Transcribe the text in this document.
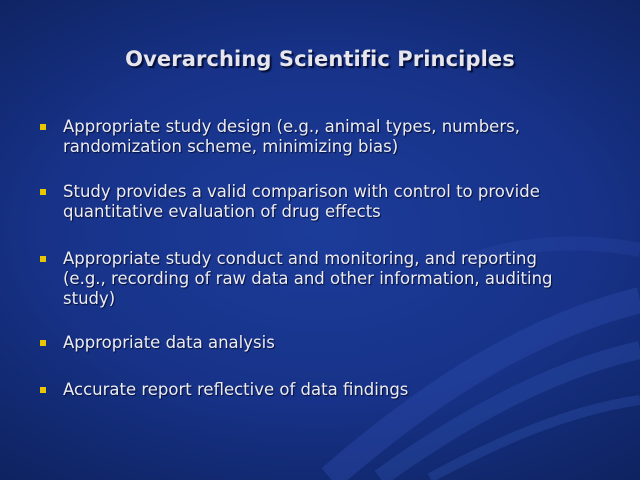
Overarching Scientific Principles
Appropriate study design (e.g., animal types, numbers,
randomization scheme, minimizing bias)
Study provides a valid comparison with control to provide
quantitative evaluation of drug effects
Appropriate study conduct and monitoring, and reporting
(e.g., recording of raw data and other information, auditing
study)
Appropriate data analysis
Accurate report reflective of data findings
